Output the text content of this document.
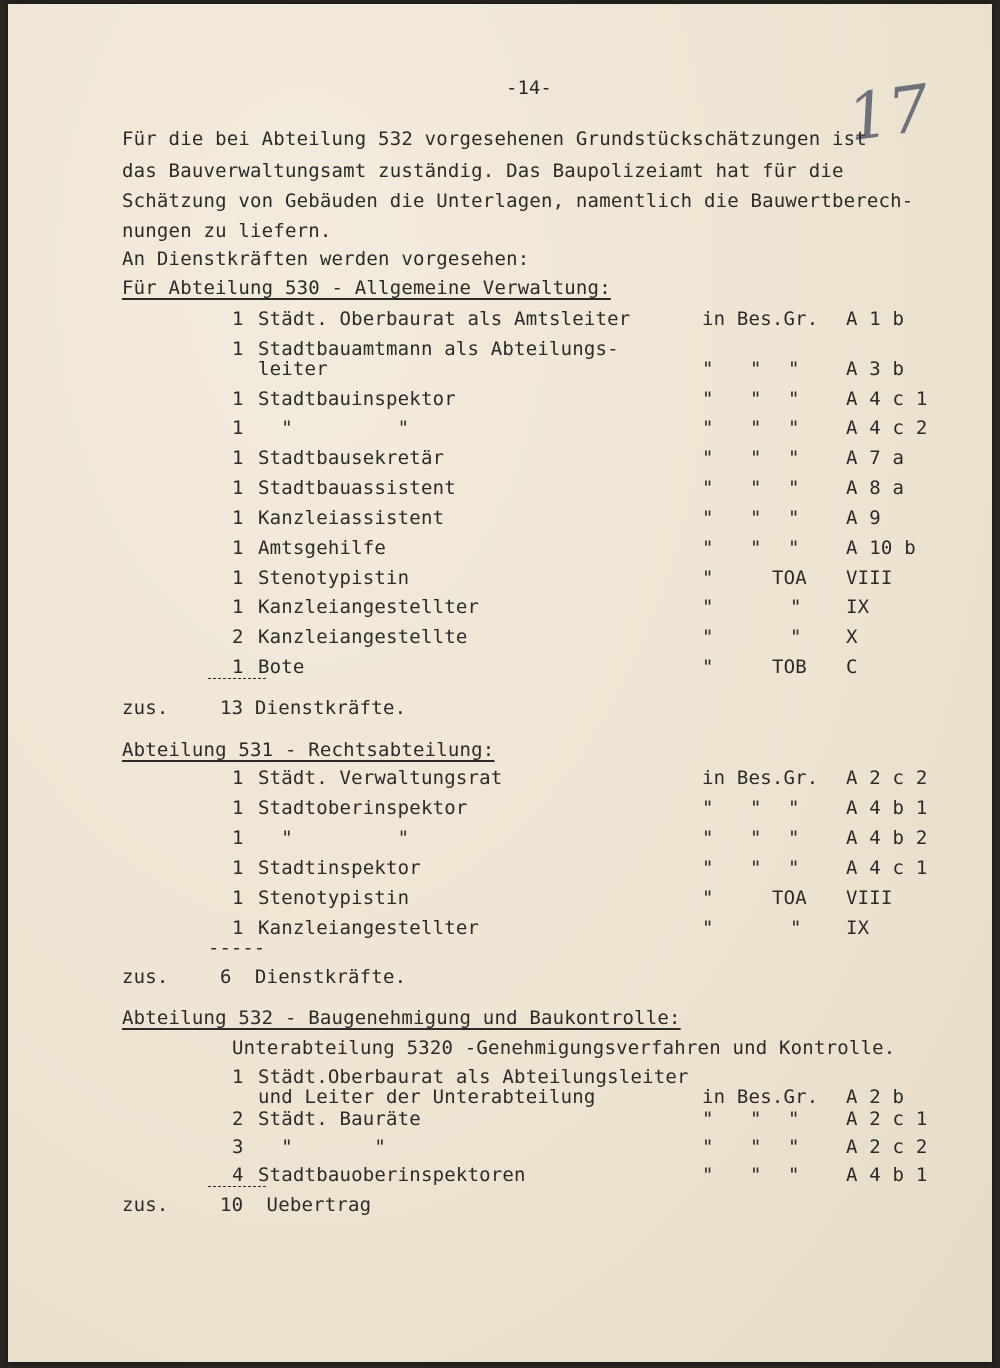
-14-	17
Für die bei Abteilung 532 vorgesehenen Grundstückschätzungen ist
das Bauverwaltungsamt zuständig. Das Baupolizeiamt hat für die
Schätzung von Gebäuden die Unterlagen, namentlich die Bauwertberech-
nungen zu liefern.
An Dienstkräften werden vorgesehen:
Für Abteilung 530 - Allgemeine Verwaltung:
1 Städt. Oberbaurat als Amtsleiter	in Bes.Gr. A 1 b
1 Stadtbauamtmann als Abteilungs-
leiter	" " " A 3 b
1 Stadtbauinspektor	" " " A 4 c 1
1 "         "	" " " A 4 c 2
1 Stadtbausekretär	" " " A 7 a
1 Stadtbauassistent	" " " A 8 a
1 Kanzleiassistent	" " " A 9
1 Amtsgehilfe	" " " A 10 b
1 Stenotypistin	"	TOA VIII
1 Kanzleiangestellter	"	" IX
2 Kanzleiangestellte	"	" X
1 Bote	"	TOB C
zus.	13 Dienstkräfte.
Abteilung 531 - Rechtsabteilung:
1 Städt. Verwaltungsrat	in Bes.Gr. A 2 c 2
1 Stadtoberinspektor	" " " A 4 b 1
1 "         "	" " " A 4 b 2
1 Stadtinspektor	" " " A 4 c 1
1 Stenotypistin	"	TOA VIII
1 Kanzleiangestellter	"	" IX
-----
zus.	6  Dienstkräfte.
Abteilung 532 - Baugenehmigung und Baukontrolle:
Unterabteilung 5320 -Genehmigungsverfahren und Kontrolle.
1 Städt.Oberbaurat als Abteilungsleiter
und Leiter der Unterabteilung	in Bes.Gr. A 2 b
2 Städt. Bauräte	" " " A 2 c 1
3 "       "	" " " A 2 c 2
4 Stadtbauoberinspektoren	" " " A 4 b 1
zus.	10  Uebertrag
